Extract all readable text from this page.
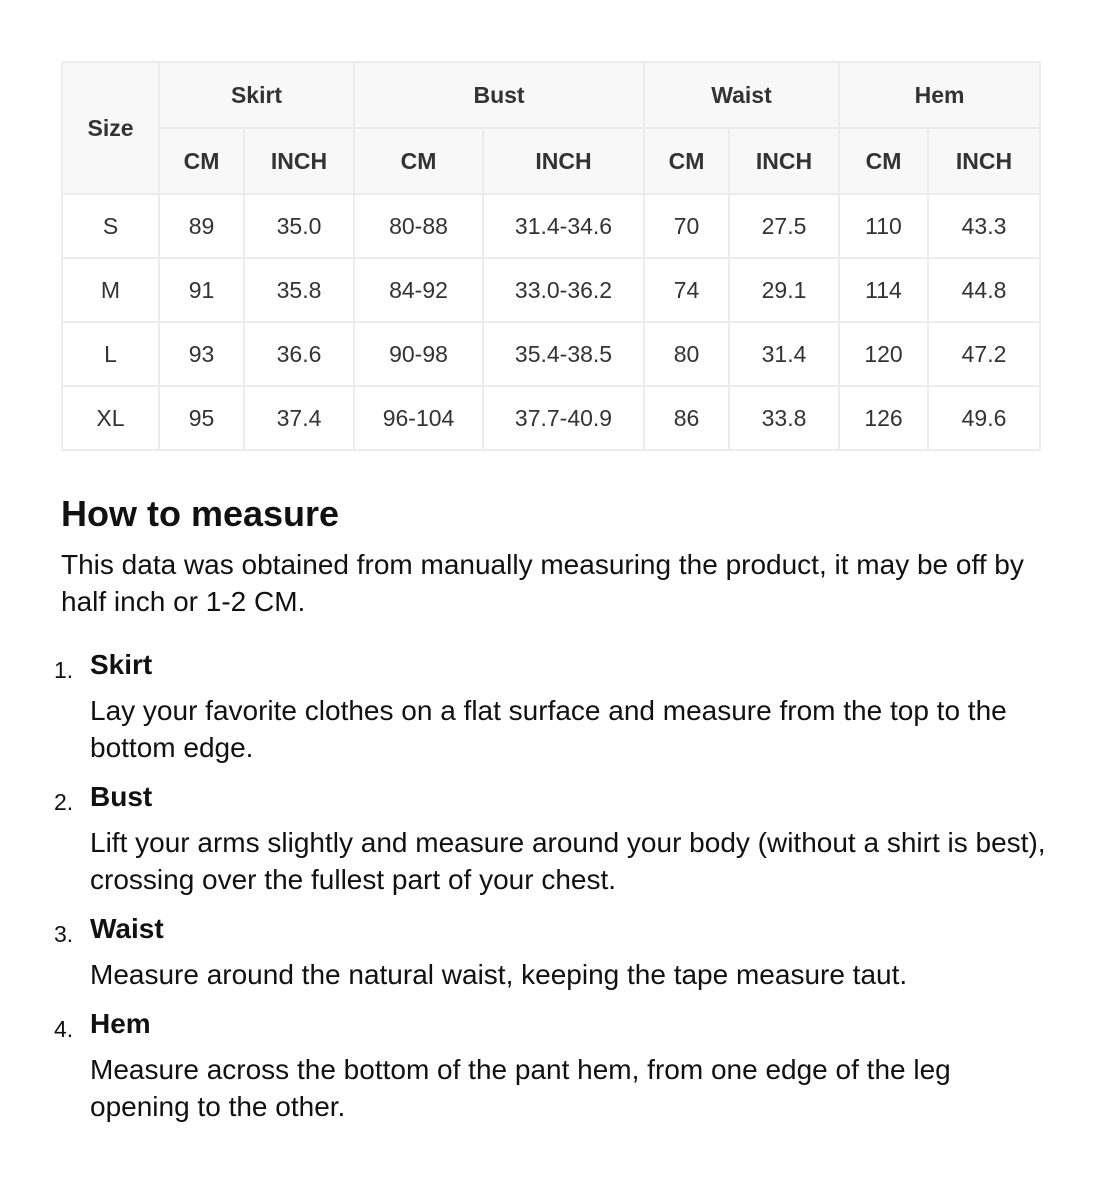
Size	Skirt		Bust		Waist		Hem	
	CM	INCH	CM	INCH	CM	INCH	CM	INCH
S	89	35.0	80-88	31.4-34.6	70	27.5	110	43.3
M	91	35.8	84-92	33.0-36.2	74	29.1	114	44.8
L	93	36.6	90-98	35.4-38.5	80	31.4	120	47.2
XL	95	37.4	96-104	37.7-40.9	86	33.8	126	49.6
How to measure

This data was obtained from manually measuring the product, it may be off by half inch or 1-2 CM.

1. Skirt
Lay your favorite clothes on a flat surface and measure from the top to the bottom edge.
2. Bust
Lift your arms slightly and measure around your body (without a shirt is best), crossing over the fullest part of your chest.
3. Waist
Measure around the natural waist, keeping the tape measure taut.
4. Hem
Measure across the bottom of the pant hem, from one edge of the leg opening to the other.
